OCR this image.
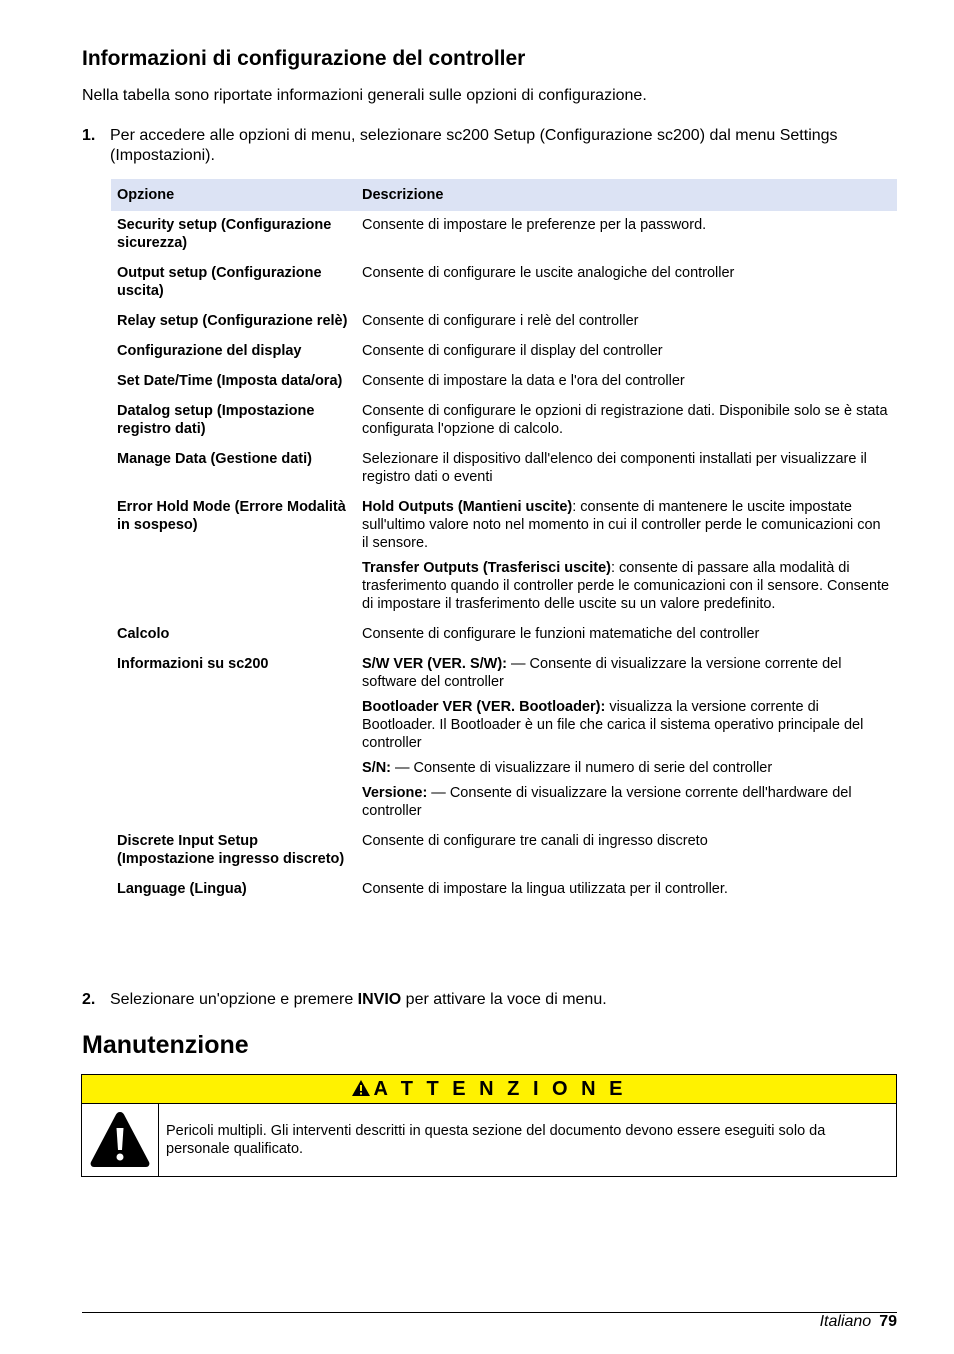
Informazioni di configurazione del controller
Nella tabella sono riportate informazioni generali sulle opzioni di configurazione.
1. Per accedere alle opzioni di menu, selezionare sc200 Setup (Configurazione sc200) dal menu Settings (Impostazioni).
Opzione	Descrizione
Security setup (Configurazione sicurezza)	Consente di impostare le preferenze per la password.
Output setup (Configurazione uscita)	Consente di configurare le uscite analogiche del controller
Relay setup (Configurazione relè)	Consente di configurare i relè del controller
Configurazione del display	Consente di configurare il display del controller
Set Date/Time (Imposta data/ora)	Consente di impostare la data e l'ora del controller
Datalog setup (Impostazione registro dati)	Consente di configurare le opzioni di registrazione dati. Disponibile solo se è stata configurata l'opzione di calcolo.
Manage Data (Gestione dati)	Selezionare il dispositivo dall'elenco dei componenti installati per visualizzare il registro dati o eventi
Error Hold Mode (Errore Modalità in sospeso)	Hold Outputs (Mantieni uscite): consente di mantenere le uscite impostate sull'ultimo valore noto nel momento in cui il controller perde le comunicazioni con il sensore.

Transfer Outputs (Trasferisci uscite): consente di passare alla modalità di trasferimento quando il controller perde le comunicazioni con il sensore. Consente di impostare il trasferimento delle uscite su un valore predefinito.

Calcolo	Consente di configurare le funzioni matematiche del controller
Informazioni su sc200	S/W VER (VER. S/W): — Consente di visualizzare la versione corrente del software del controller

Bootloader VER (VER. Bootloader): visualizza la versione corrente di Bootloader. Il Bootloader è un file che carica il sistema operativo principale del controller

S/N: — Consente di visualizzare il numero di serie del controller

Versione: — Consente di visualizzare la versione corrente dell'hardware del controller

Discrete Input Setup (Impostazione ingresso discreto)	Consente di configurare tre canali di ingresso discreto
Language (Lingua)	Consente di impostare la lingua utilizzata per il controller.
2. Selezionare un'opzione e premere INVIO per attivare la voce di menu.
Manutenzione
A T T E N Z I O N E
Pericoli multipli. Gli interventi descritti in questa sezione del documento devono essere eseguiti solo da personale qualificato.
Italiano 79
